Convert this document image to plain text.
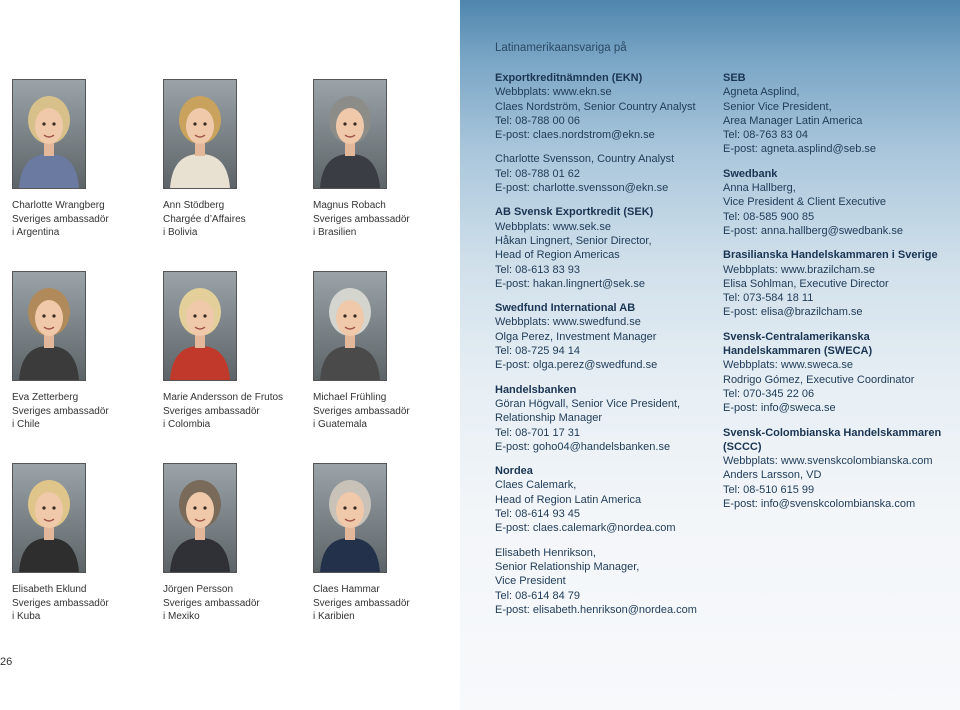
Charlotte Wrangberg
Sveriges ambassadör
i Argentina
Ann Stödberg
Chargée d’Affaires
i Bolivia
Magnus Robach
Sveriges ambassadör
i Brasilien
Eva Zetterberg
Sveriges ambassadör
i Chile
Marie Andersson de Frutos
Sveriges ambassadör
i Colombia
Michael Frühling
Sveriges ambassadör
i Guatemala
Elisabeth Eklund
Sveriges ambassadör
i Kuba
Jörgen Persson
Sveriges ambassadör
i Mexiko
Claes Hammar
Sveriges ambassadör
i Karibien
26
Latinamerikaansvariga på
Exportkreditnämnden (EKN)
Webbplats: www.ekn.se
Claes Nordström, Senior Country Analyst
Tel: 08-788 00 06
E-post: claes.nordstrom@ekn.se
Charlotte Svensson, Country Analyst
Tel: 08-788 01 62
E-post: charlotte.svensson@ekn.se
AB Svensk Exportkredit (SEK)
Webbplats: www.sek.se
Håkan Lingnert, Senior Director,
Head of Region Americas
Tel: 08-613 83 93
E-post: hakan.lingnert@sek.se
Swedfund International AB
Webbplats: www.swedfund.se
Olga Perez, Investment Manager
Tel: 08-725 94 14
E-post: olga.perez@swedfund.se
Handelsbanken
Göran Högvall, Senior Vice President,
Relationship Manager
Tel: 08-701 17 31
E-post: goho04@handelsbanken.se
Nordea
Claes Calemark,
Head of Region Latin America
Tel: 08-614 93 45
E-post: claes.calemark@nordea.com
Elisabeth Henrikson,
Senior Relationship Manager,
Vice President
Tel: 08-614 84 79
E-post: elisabeth.henrikson@nordea.com
SEB
Agneta Asplind,
Senior Vice President,
Area Manager Latin America
Tel: 08-763 83 04
E-post: agneta.asplind@seb.se
Swedbank
Anna Hallberg,
Vice President & Client Executive
Tel: 08-585 900 85
E-post: anna.hallberg@swedbank.se
Brasilianska Handelskammaren i Sverige
Webbplats: www.brazilcham.se
Elisa Sohlman, Executive Director
Tel: 073-584 18 11
E-post: elisa@brazilcham.se
Svensk-Centralamerikanska Handelskammaren (SWECA)
Webbplats: www.sweca.se
Rodrigo Gómez, Executive Coordinator
Tel: 070-345 22 06
E-post: info@sweca.se
Svensk-Colombianska Handelskammaren (SCCC)
Webbplats: www.svenskcolombianska.com
Anders Larsson, VD
Tel: 08-510 615 99
E-post: info@svenskcolombianska.com
